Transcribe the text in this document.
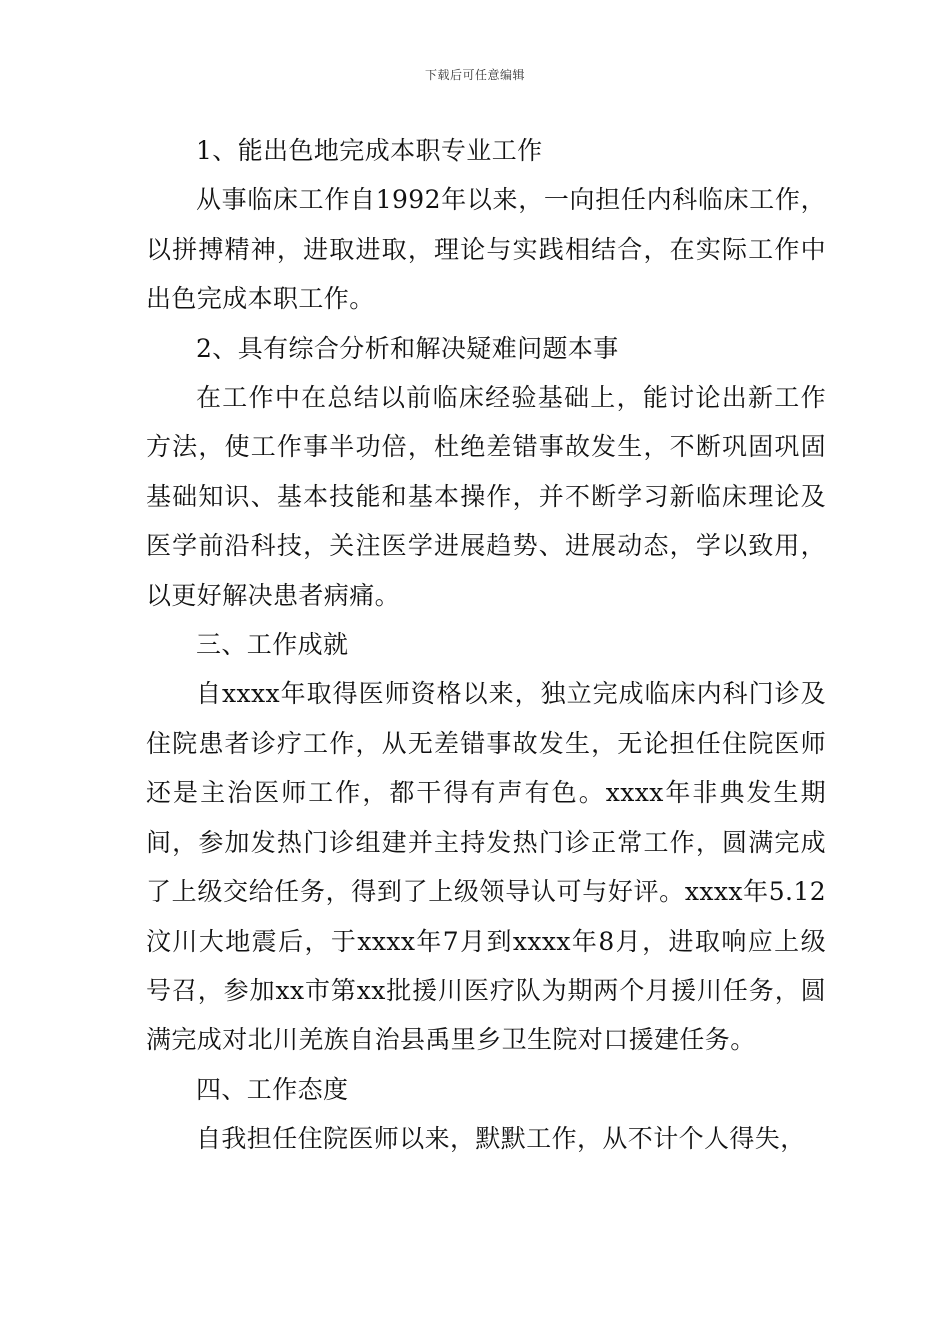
下载后可任意编辑

1、能出色地完成本职专业工作

从事临床工作自1992年以来，一向担任内科临床工作，以拼搏精神，进取进取，理论与实践相结合，在实际工作中出色完成本职工作。

2、具有综合分析和解决疑难问题本事

在工作中在总结以前临床经验基础上，能讨论出新工作方法，使工作事半功倍，杜绝差错事故发生，不断巩固巩固基础知识、基本技能和基本操作，并不断学习新临床理论及医学前沿科技，关注医学进展趋势、进展动态，学以致用，以更好解决患者病痛。

三、工作成就

自xxxx年取得医师资格以来，独立完成临床内科门诊及住院患者诊疗工作，从无差错事故发生，无论担任住院医师还是主治医师工作，都干得有声有色。xxxx年非典发生期间，参加发热门诊组建并主持发热门诊正常工作，圆满完成了上级交给任务，得到了上级领导认可与好评。xxxx年5.12汶川大地震后，于xxxx年7月到xxxx年8月，进取响应上级号召，参加xx市第xx批援川医疗队为期两个月援川任务，圆满完成对北川羌族自治县禹里乡卫生院对口援建任务。

四、工作态度

自我担任住院医师以来，默默工作，从不计个人得失，
